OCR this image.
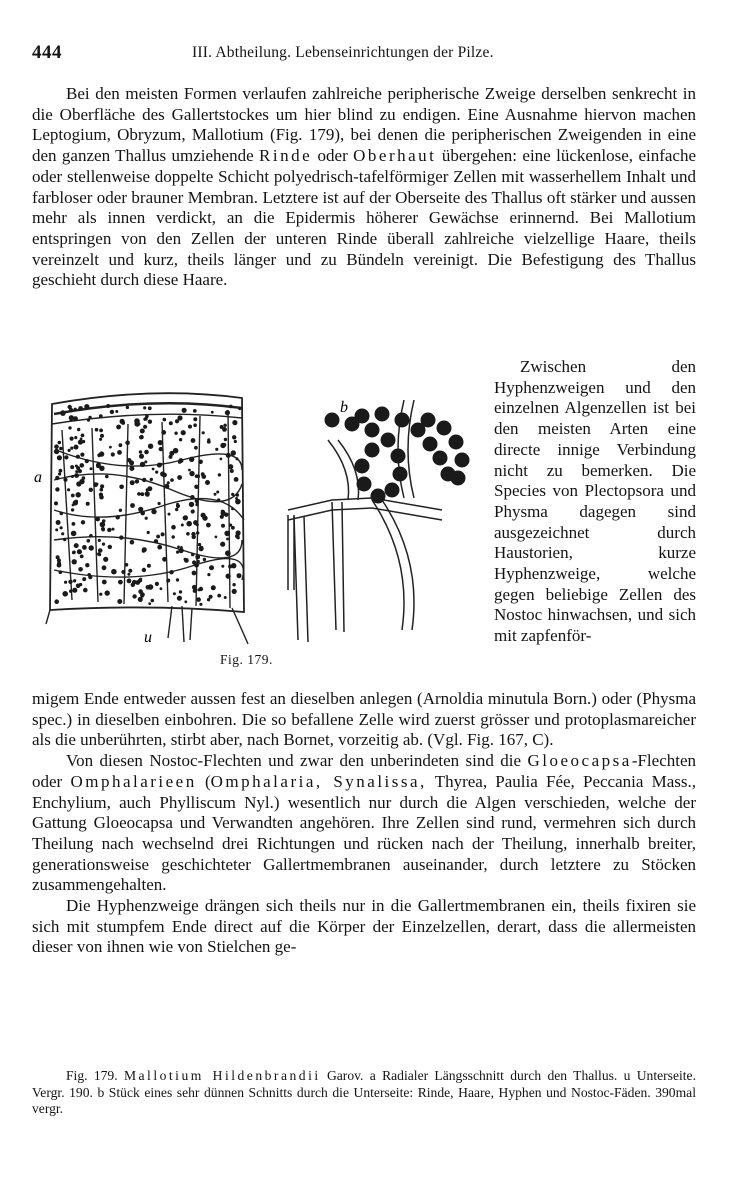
444	III. Abtheilung. Lebenseinrichtungen der Pilze.

Bei den meisten Formen verlaufen zahlreiche peripherische Zweige derselben senkrecht in die Oberfläche des Gallertstockes um hier blind zu endigen. Eine Ausnahme hiervon machen Leptogium, Obryzum, Mallotium (Fig. 179), bei denen die peripherischen Zweigenden in eine den ganzen Thallus umziehende Rinde oder Oberhaut übergehen: eine lückenlose, einfache oder stellenweise doppelte Schicht polyedrisch-tafelförmiger Zellen mit wasserhellem Inhalt und farbloser oder brauner Membran. Letztere ist auf der Oberseite des Thallus oft stärker und aussen mehr als innen verdickt, an die Epidermis höherer Gewächse erinnernd. Bei Mallotium entspringen von den Zellen der unteren Rinde überall zahlreiche vielzellige Haare, theils vereinzelt und kurz, theils länger und zu Bündeln vereinigt. Die Befestigung des Thallus geschieht durch diese Haare.

a
u
b
Fig. 179.

Zwischen den Hyphenzweigen und den einzelnen Algenzellen ist bei den meisten Arten eine directe innige Verbindung nicht zu bemerken. Die Species von Plectopsora und Physma dagegen sind ausgezeichnet durch Haustorien, kurze Hyphenzweige, welche gegen beliebige Zellen des Nostoc hinwachsen, und sich mit zapfenför-

migem Ende entweder aussen fest an dieselben anlegen (Arnoldia minutula Born.) oder (Physma spec.) in dieselben einbohren. Die so befallene Zelle wird zuerst grösser und protoplasmareicher als die unberührten, stirbt aber, nach Bornet, vorzeitig ab. (Vgl. Fig. 167, C).

Von diesen Nostoc-Flechten und zwar den unberindeten sind die Gloeocapsa-Flechten oder Omphalarieen (Omphalaria, Synalissa, Thyrea, Paulia Fée, Peccania Mass., Enchylium, auch Phylliscum Nyl.) wesentlich nur durch die Algen verschieden, welche der Gattung Gloeocapsa und Verwandten angehören. Ihre Zellen sind rund, vermehren sich durch Theilung nach wechselnd drei Richtungen und rücken nach der Theilung, innerhalb breiter, generationsweise geschichteter Gallertmembranen auseinander, durch letztere zu Stöcken zusammengehalten.

Die Hyphenzweige drängen sich theils nur in die Gallertmembranen ein, theils fixiren sie sich mit stumpfem Ende direct auf die Körper der Einzelzellen, derart, dass die allermeisten dieser von ihnen wie von Stielchen ge-

Fig. 179. Mallotium Hildenbrandii Garov. a Radialer Längsschnitt durch den Thallus. u Unterseite. Vergr. 190. b Stück eines sehr dünnen Schnitts durch die Unterseite: Rinde, Haare, Hyphen und Nostoc-Fäden. 390mal vergr.
